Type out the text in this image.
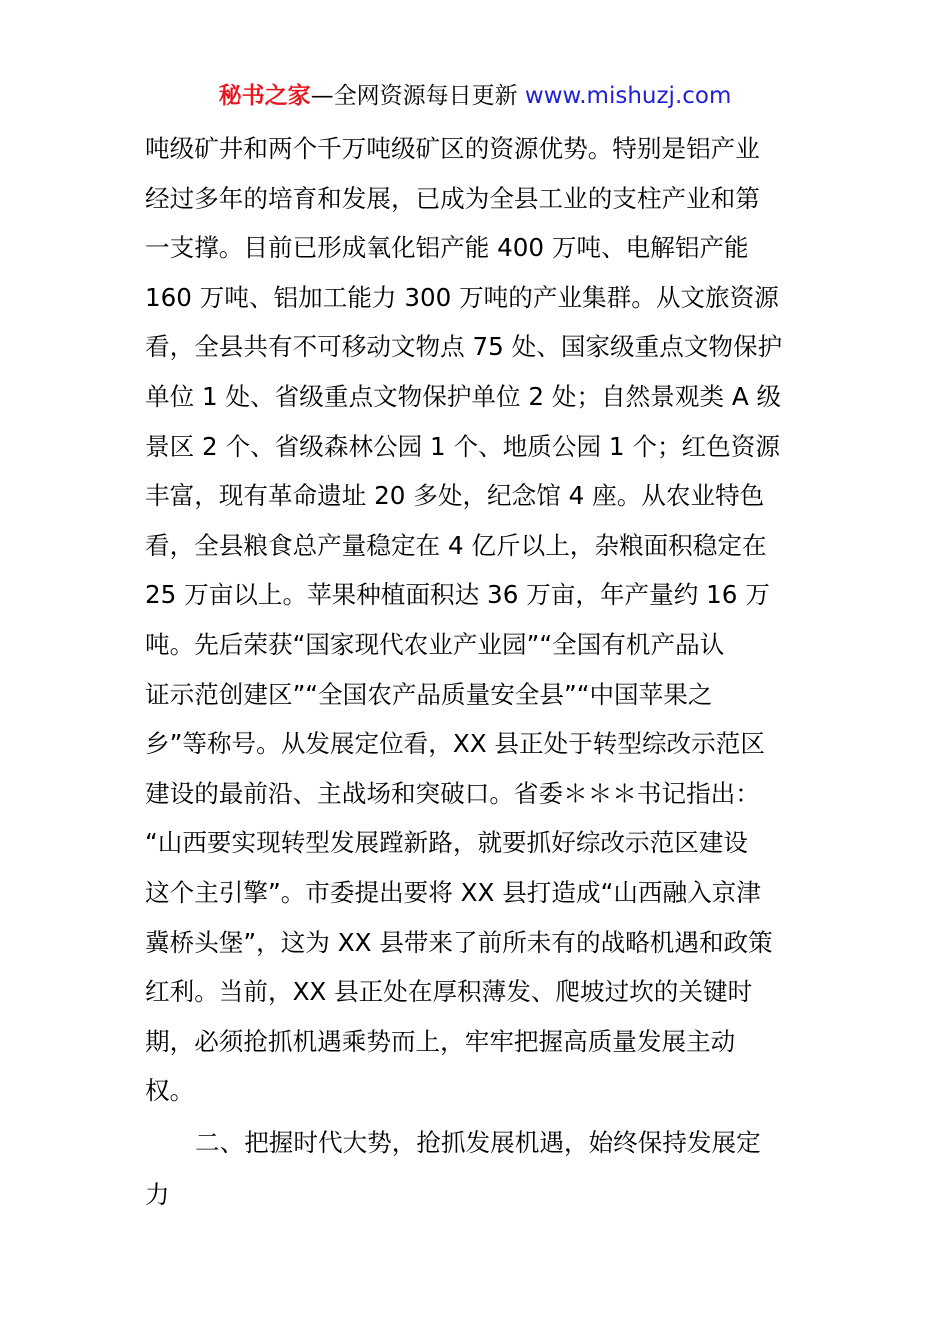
秘书之家—全网资源每日更新 www.mishuzj.com
吨级矿井和两个千万吨级矿区的资源优势。特别是铝产业
经过多年的培育和发展，已成为全县工业的支柱产业和第
一支撑。目前已形成氧化铝产能 400 万吨、电解铝产能
160 万吨、铝加工能力 300 万吨的产业集群。从文旅资源
看，全县共有不可移动文物点 75 处、国家级重点文物保护
单位 1 处、省级重点文物保护单位 2 处；自然景观类 A 级
景区 2 个、省级森林公园 1 个、地质公园 1 个；红色资源
丰富，现有革命遗址 20 多处，纪念馆 4 座。从农业特色
看，全县粮食总产量稳定在 4 亿斤以上，杂粮面积稳定在
25 万亩以上。苹果种植面积达 36 万亩，年产量约 16 万
吨。先后荣获“国家现代农业产业园”“全国有机产品认
证示范创建区”“全国农产品质量安全县”“中国苹果之
乡”等称号。从发展定位看，XX 县正处于转型综改示范区
建设的最前沿、主战场和突破口。省委＊＊＊书记指出：
“山西要实现转型发展蹚新路，就要抓好综改示范区建设
这个主引擎”。市委提出要将 XX 县打造成“山西融入京津
冀桥头堡”，这为 XX 县带来了前所未有的战略机遇和政策
红利。当前，XX 县正处在厚积薄发、爬坡过坎的关键时
期，必须抢抓机遇乘势而上，牢牢把握高质量发展主动
权。
二、把握时代大势，抢抓发展机遇，始终保持发展定
力
